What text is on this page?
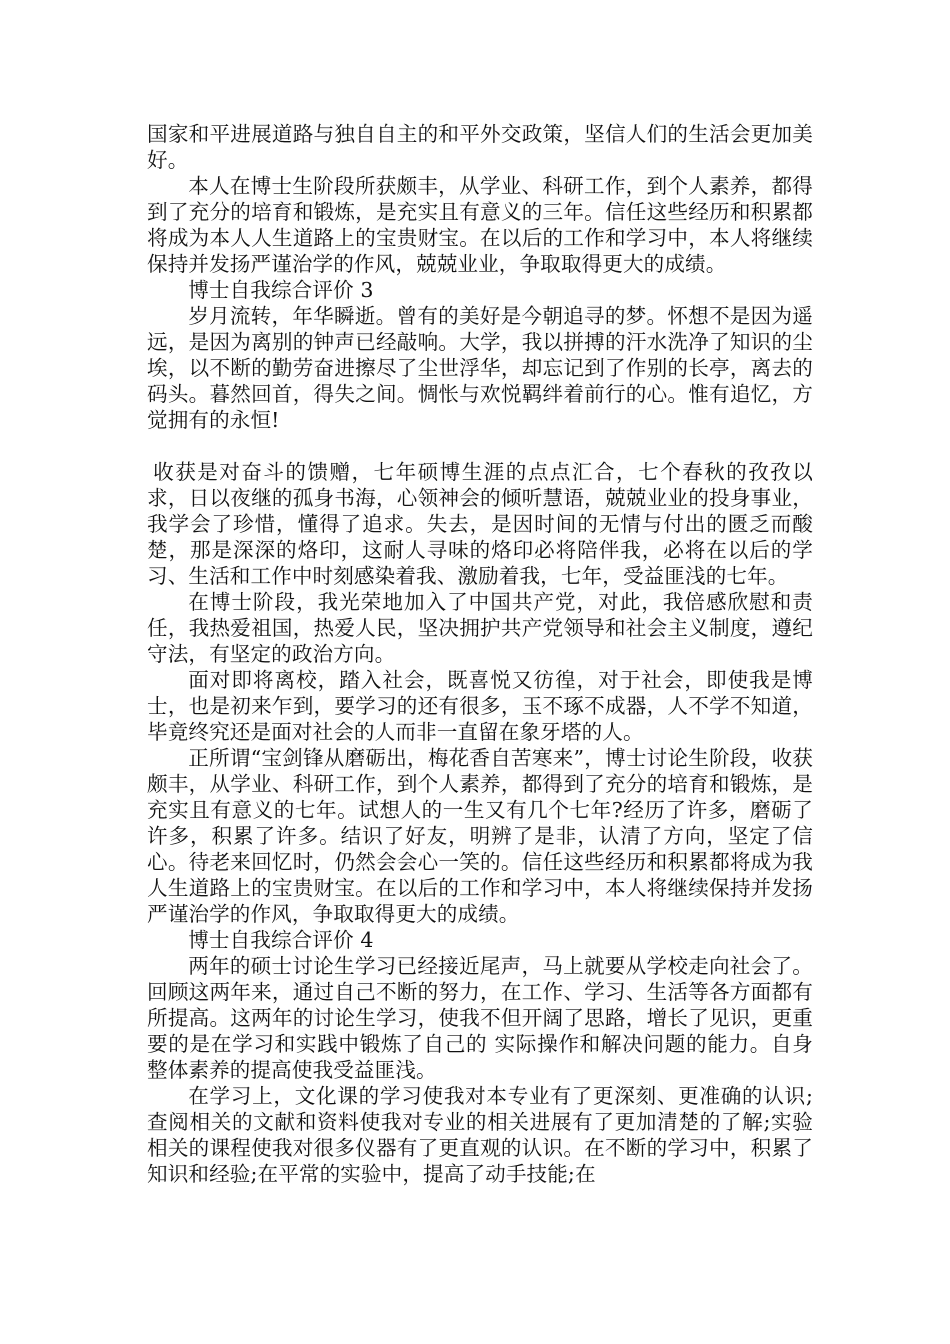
国家和平进展道路与独自自主的和平外交政策，坚信人们的生活会更加美好。

本人在博士生阶段所获颇丰，从学业、科研工作，到个人素养，都得到了充分的培育和锻炼，是充实且有意义的三年。信任这些经历和积累都将成为本人人生道路上的宝贵财宝。在以后的工作和学习中，本人将继续保持并发扬严谨治学的作风，兢兢业业，争取取得更大的成绩。

博士自我综合评价 3

岁月流转，年华瞬逝。曾有的美好是今朝追寻的梦。怀想不是因为遥远，是因为离别的钟声已经敲响。大学，我以拼搏的汗水洗净了知识的尘埃，以不断的勤劳奋进擦尽了尘世浮华，却忘记到了作别的长亭，离去的码头。暮然回首，得失之间。惆怅与欢悦羁绊着前行的心。惟有追忆，方觉拥有的永恒!

收获是对奋斗的馈赠，七年硕博生涯的点点汇合，七个春秋的孜孜以求，日以夜继的孤身书海，心领神会的倾听慧语，兢兢业业的投身事业，我学会了珍惜，懂得了追求。失去，是因时间的无情与付出的匮乏而酸楚，那是深深的烙印，这耐人寻味的烙印必将陪伴我，必将在以后的学习、生活和工作中时刻感染着我、激励着我，七年，受益匪浅的七年。

在博士阶段，我光荣地加入了中国共产党，对此，我倍感欣慰和责任，我热爱祖国，热爱人民，坚决拥护共产党领导和社会主义制度，遵纪守法，有坚定的政治方向。

面对即将离校，踏入社会，既喜悦又彷徨，对于社会，即使我是博士，也是初来乍到，要学习的还有很多，玉不琢不成器，人不学不知道，毕竟终究还是面对社会的人而非一直留在象牙塔的人。

正所谓“宝剑锋从磨砺出，梅花香自苦寒来”，博士讨论生阶段，收获颇丰，从学业、科研工作，到个人素养，都得到了充分的培育和锻炼，是充实且有意义的七年。试想人的一生又有几个七年?经历了许多，磨砺了许多，积累了许多。结识了好友，明辨了是非，认清了方向，坚定了信心。待老来回忆时，仍然会会心一笑的。信任这些经历和积累都将成为我人生道路上的宝贵财宝。在以后的工作和学习中，本人将继续保持并发扬严谨治学的作风，争取取得更大的成绩。

博士自我综合评价 4

两年的硕士讨论生学习已经接近尾声，马上就要从学校走向社会了。回顾这两年来，通过自己不断的努力，在工作、学习、生活等各方面都有所提高。这两年的讨论生学习，使我不但开阔了思路，增长了见识，更重要的是在学习和实践中锻炼了自己的 实际操作和解决问题的能力。自身整体素养的提高使我受益匪浅。

在学习上，文化课的学习使我对本专业有了更深刻、更准确的认识;查阅相关的文献和资料使我对专业的相关进展有了更加清楚的了解;实验相关的课程使我对很多仪器有了更直观的认识。在不断的学习中，积累了知识和经验;在平常的实验中，提高了动手技能;在
